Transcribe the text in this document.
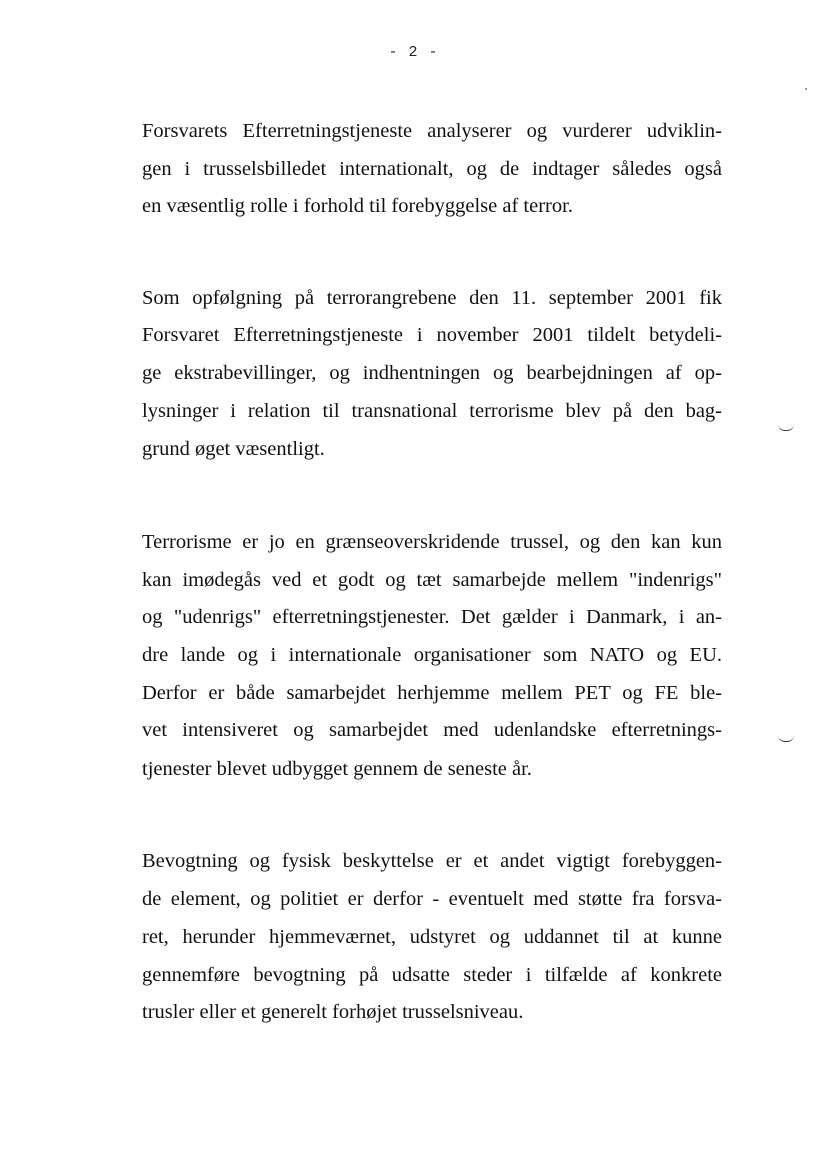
- 2 -
Forsvarets Efterretningstjeneste analyserer og vurderer udviklin-
gen i trusselsbilledet internationalt, og de indtager således også
en væsentlig rolle i forhold til forebyggelse af terror.
Som opfølgning på terrorangrebene den 11. september 2001 fik
Forsvaret Efterretningstjeneste i november 2001 tildelt betydeli-
ge ekstrabevillinger, og indhentningen og bearbejdningen af op-
lysninger i relation til transnational terrorisme blev på den bag-
grund øget væsentligt.
Terrorisme er jo en grænseoverskridende trussel, og den kan kun
kan imødegås ved et godt og tæt samarbejde mellem "indenrigs"
og "udenrigs" efterretningstjenester. Det gælder i Danmark, i an-
dre lande og i internationale organisationer som NATO og EU.
Derfor er både samarbejdet herhjemme mellem PET og FE ble-
vet intensiveret og samarbejdet med udenlandske efterretnings-
tjenester blevet udbygget gennem de seneste år.
Bevogtning og fysisk beskyttelse er et andet vigtigt forebyggen-
de element, og politiet er derfor - eventuelt med støtte fra forsva-
ret, herunder hjemmeværnet, udstyret og uddannet til at kunne
gennemføre bevogtning på udsatte steder i tilfælde af konkrete
trusler eller et generelt forhøjet trusselsniveau.
